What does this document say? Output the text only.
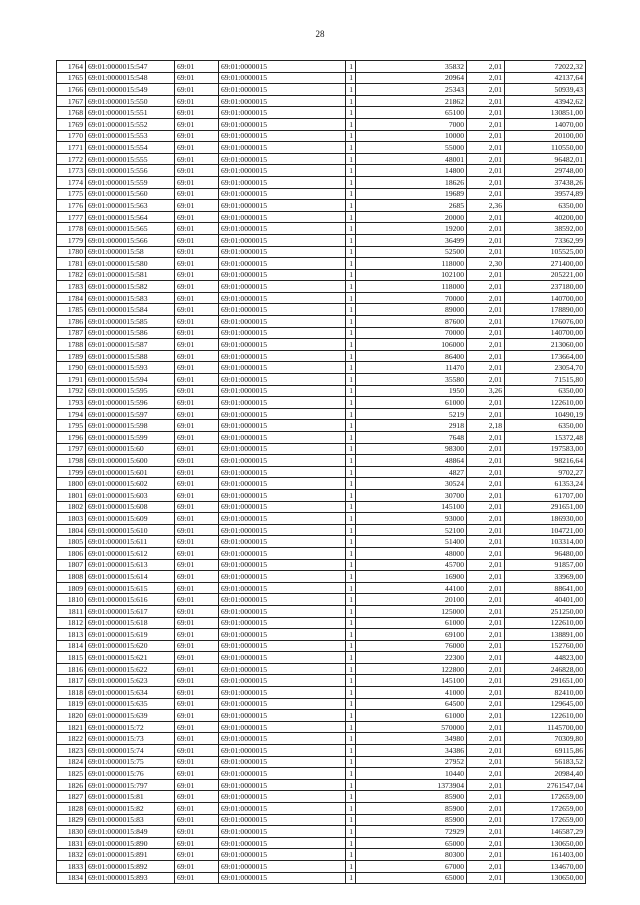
28
1764	69:01:0000015:547	69:01	69:01:0000015	1	35832	2,01	72022,32
1765	69:01:0000015:548	69:01	69:01:0000015	1	20964	2,01	42137,64
1766	69:01:0000015:549	69:01	69:01:0000015	1	25343	2,01	50939,43
1767	69:01:0000015:550	69:01	69:01:0000015	1	21862	2,01	43942,62
1768	69:01:0000015:551	69:01	69:01:0000015	1	65100	2,01	130851,00
1769	69:01:0000015:552	69:01	69:01:0000015	1	7000	2,01	14070,00
1770	69:01:0000015:553	69:01	69:01:0000015	1	10000	2,01	20100,00
1771	69:01:0000015:554	69:01	69:01:0000015	1	55000	2,01	110550,00
1772	69:01:0000015:555	69:01	69:01:0000015	1	48001	2,01	96482,01
1773	69:01:0000015:556	69:01	69:01:0000015	1	14800	2,01	29748,00
1774	69:01:0000015:559	69:01	69:01:0000015	1	18626	2,01	37438,26
1775	69:01:0000015:560	69:01	69:01:0000015	1	19689	2,01	39574,89
1776	69:01:0000015:563	69:01	69:01:0000015	1	2685	2,36	6350,00
1777	69:01:0000015:564	69:01	69:01:0000015	1	20000	2,01	40200,00
1778	69:01:0000015:565	69:01	69:01:0000015	1	19200	2,01	38592,00
1779	69:01:0000015:566	69:01	69:01:0000015	1	36499	2,01	73362,99
1780	69:01:0000015:58	69:01	69:01:0000015	1	52500	2,01	105525,00
1781	69:01:0000015:580	69:01	69:01:0000015	1	118000	2,30	271400,00
1782	69:01:0000015:581	69:01	69:01:0000015	1	102100	2,01	205221,00
1783	69:01:0000015:582	69:01	69:01:0000015	1	118000	2,01	237180,00
1784	69:01:0000015:583	69:01	69:01:0000015	1	70000	2,01	140700,00
1785	69:01:0000015:584	69:01	69:01:0000015	1	89000	2,01	178890,00
1786	69:01:0000015:585	69:01	69:01:0000015	1	87600	2,01	176076,00
1787	69:01:0000015:586	69:01	69:01:0000015	1	70000	2,01	140700,00
1788	69:01:0000015:587	69:01	69:01:0000015	1	106000	2,01	213060,00
1789	69:01:0000015:588	69:01	69:01:0000015	1	86400	2,01	173664,00
1790	69:01:0000015:593	69:01	69:01:0000015	1	11470	2,01	23054,70
1791	69:01:0000015:594	69:01	69:01:0000015	1	35580	2,01	71515,80
1792	69:01:0000015:595	69:01	69:01:0000015	1	1950	3,26	6350,00
1793	69:01:0000015:596	69:01	69:01:0000015	1	61000	2,01	122610,00
1794	69:01:0000015:597	69:01	69:01:0000015	1	5219	2,01	10490,19
1795	69:01:0000015:598	69:01	69:01:0000015	1	2918	2,18	6350,00
1796	69:01:0000015:599	69:01	69:01:0000015	1	7648	2,01	15372,48
1797	69:01:0000015:60	69:01	69:01:0000015	1	98300	2,01	197583,00
1798	69:01:0000015:600	69:01	69:01:0000015	1	48864	2,01	98216,64
1799	69:01:0000015:601	69:01	69:01:0000015	1	4827	2,01	9702,27
1800	69:01:0000015:602	69:01	69:01:0000015	1	30524	2,01	61353,24
1801	69:01:0000015:603	69:01	69:01:0000015	1	30700	2,01	61707,00
1802	69:01:0000015:608	69:01	69:01:0000015	1	145100	2,01	291651,00
1803	69:01:0000015:609	69:01	69:01:0000015	1	93000	2,01	186930,00
1804	69:01:0000015:610	69:01	69:01:0000015	1	52100	2,01	104721,00
1805	69:01:0000015:611	69:01	69:01:0000015	1	51400	2,01	103314,00
1806	69:01:0000015:612	69:01	69:01:0000015	1	48000	2,01	96480,00
1807	69:01:0000015:613	69:01	69:01:0000015	1	45700	2,01	91857,00
1808	69:01:0000015:614	69:01	69:01:0000015	1	16900	2,01	33969,00
1809	69:01:0000015:615	69:01	69:01:0000015	1	44100	2,01	88641,00
1810	69:01:0000015:616	69:01	69:01:0000015	1	20100	2,01	40401,00
1811	69:01:0000015:617	69:01	69:01:0000015	1	125000	2,01	251250,00
1812	69:01:0000015:618	69:01	69:01:0000015	1	61000	2,01	122610,00
1813	69:01:0000015:619	69:01	69:01:0000015	1	69100	2,01	138891,00
1814	69:01:0000015:620	69:01	69:01:0000015	1	76000	2,01	152760,00
1815	69:01:0000015:621	69:01	69:01:0000015	1	22300	2,01	44823,00
1816	69:01:0000015:622	69:01	69:01:0000015	1	122800	2,01	246828,00
1817	69:01:0000015:623	69:01	69:01:0000015	1	145100	2,01	291651,00
1818	69:01:0000015:634	69:01	69:01:0000015	1	41000	2,01	82410,00
1819	69:01:0000015:635	69:01	69:01:0000015	1	64500	2,01	129645,00
1820	69:01:0000015:639	69:01	69:01:0000015	1	61000	2,01	122610,00
1821	69:01:0000015:72	69:01	69:01:0000015	1	570000	2,01	1145700,00
1822	69:01:0000015:73	69:01	69:01:0000015	1	34980	2,01	70309,80
1823	69:01:0000015:74	69:01	69:01:0000015	1	34386	2,01	69115,86
1824	69:01:0000015:75	69:01	69:01:0000015	1	27952	2,01	56183,52
1825	69:01:0000015:76	69:01	69:01:0000015	1	10440	2,01	20984,40
1826	69:01:0000015:797	69:01	69:01:0000015	1	1373904	2,01	2761547,04
1827	69:01:0000015:81	69:01	69:01:0000015	1	85900	2,01	172659,00
1828	69:01:0000015:82	69:01	69:01:0000015	1	85900	2,01	172659,00
1829	69:01:0000015:83	69:01	69:01:0000015	1	85900	2,01	172659,00
1830	69:01:0000015:849	69:01	69:01:0000015	1	72929	2,01	146587,29
1831	69:01:0000015:890	69:01	69:01:0000015	1	65000	2,01	130650,00
1832	69:01:0000015:891	69:01	69:01:0000015	1	80300	2,01	161403,00
1833	69:01:0000015:892	69:01	69:01:0000015	1	67000	2,01	134670,00
1834	69:01:0000015:893	69:01	69:01:0000015	1	65000	2,01	130650,00
